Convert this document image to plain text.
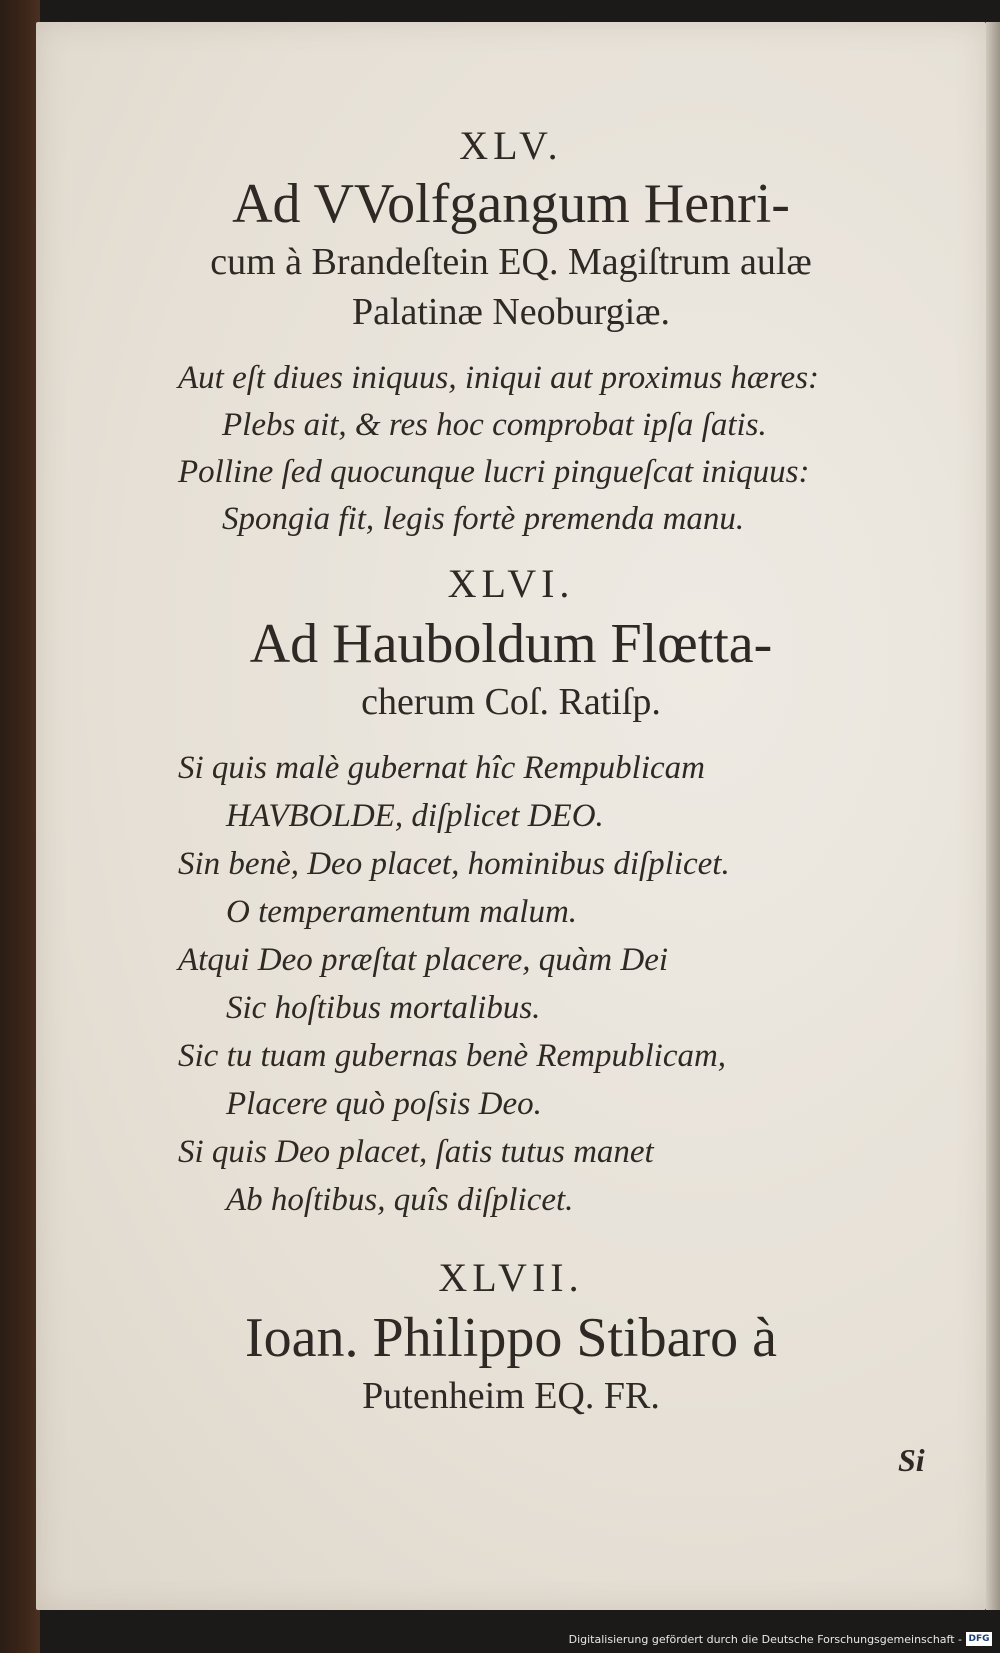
XLV.
Ad VVolfgangum Henri-
cum à Brandeſtein EQ. Magiſtrum aulæ
Palatinæ Neoburgiæ.
Aut eſt diues iniquus, iniqui aut proximus hæres:
Plebs ait, & res hoc comprobat ipſa ſatis.
Polline ſed quocunque lucri pingueſcat iniquus:
Spongia fit, legis fortè premenda manu.
XLVI.
Ad Hauboldum Flœtta-
cherum Coſ. Ratiſp.
Si quis malè gubernat hîc Rempublicam
HAVBOLDE, diſplicet DEO.
Sin benè, Deo placet, hominibus diſplicet.
O temperamentum malum.
Atqui Deo præſtat placere, quàm Dei
Sic hoſtibus mortalibus.
Sic tu tuam gubernas benè Rempublicam,
Placere quò poſsis Deo.
Si quis Deo placet, ſatis tutus manet
Ab hoſtibus, quîs diſplicet.
XLVII.
Ioan. Philippo Stibaro à
Putenheim EQ. FR.
Si
Digitalisierung gefördert durch die Deutsche Forschungsgemeinschaft - DFG
